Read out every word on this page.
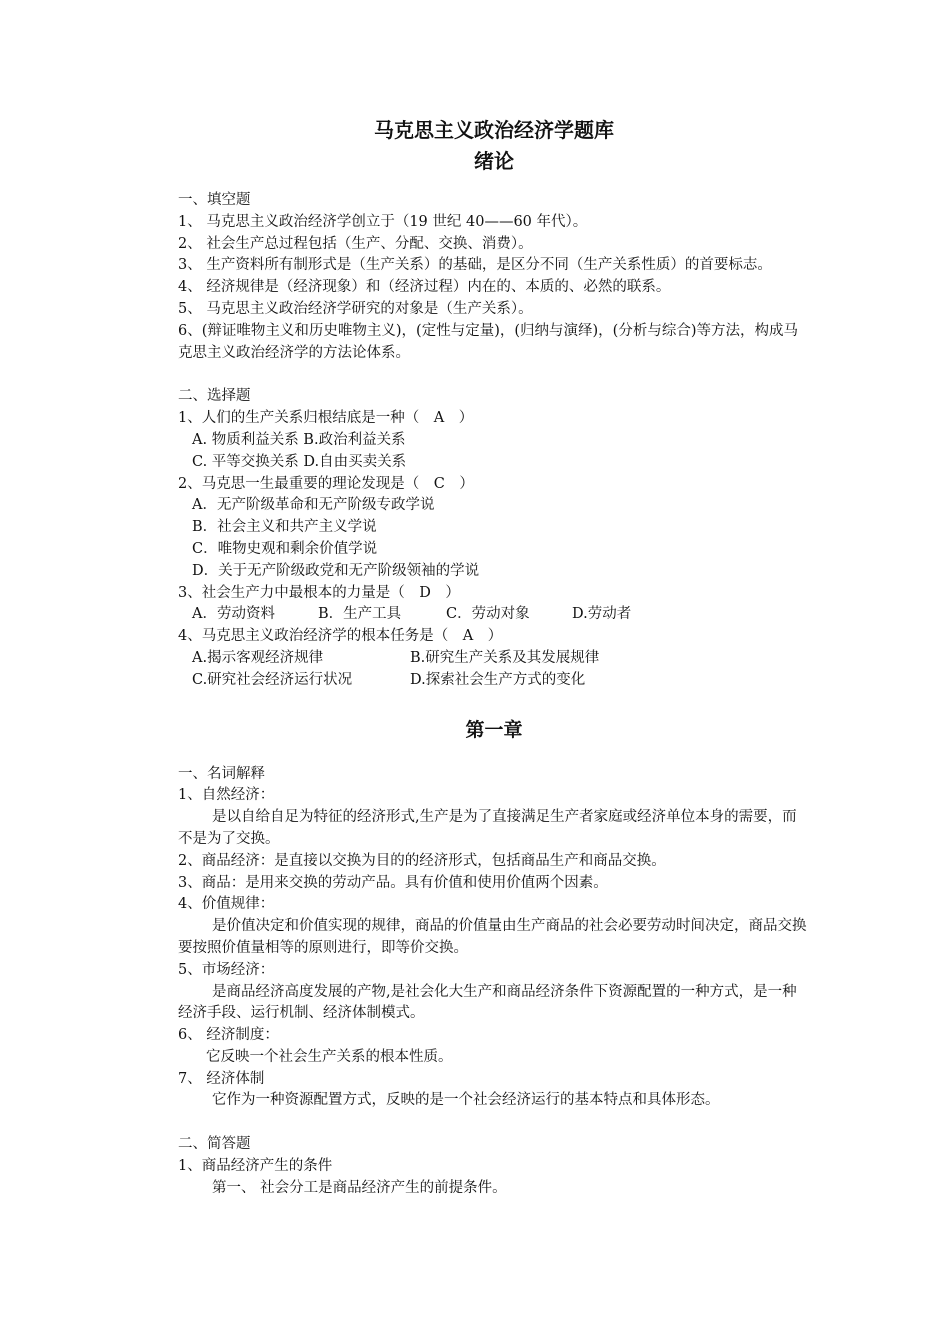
马克思主义政治经济学题库

绪论

一、填空题

1、 马克思主义政治经济学创立于（19 世纪 40——60 年代）。

2、 社会生产总过程包括（生产、分配、交换、消费）。

3、 生产资料所有制形式是（生产关系）的基础，是区分不同（生产关系性质）的首要标志。

4、 经济规律是（经济现象）和（经济过程）内在的、本质的、必然的联系。

5、 马克思主义政治经济学研究的对象是（生产关系）。

6、(辩证唯物主义和历史唯物主义)，(定性与定量)，(归纳与演绎)，(分析与综合)等方法，构成马克思主义政治经济学的方法论体系。

二、选择题

1、人们的生产关系归根结底是一种（　A　）

A. 物质利益关系 B.政治利益关系

C. 平等交换关系 D.自由买卖关系

2、马克思一生最重要的理论发现是（　C　）

A．无产阶级革命和无产阶级专政学说

B．社会主义和共产主义学说

C．唯物史观和剩余价值学说

D．关于无产阶级政党和无产阶级领袖的学说

3、社会生产力中最根本的力量是（　D　）

A．劳动资料	B．生产工具	C．劳动对象	D.劳动者

4、马克思主义政治经济学的根本任务是（　A　）

A.揭示客观经济规律	B.研究生产关系及其发展规律
C.研究社会经济运行状况	D.探索社会生产方式的变化

第一章

一、名词解释

1、自然经济：

是以自给自足为特征的经济形式,生产是为了直接满足生产者家庭或经济单位本身的需要，而不是为了交换。

2、商品经济：是直接以交换为目的的经济形式，包括商品生产和商品交换。

3、商品：是用来交换的劳动产品。具有价值和使用价值两个因素。

4、价值规律：

是价值决定和价值实现的规律，商品的价值量由生产商品的社会必要劳动时间决定，商品交换要按照价值量相等的原则进行，即等价交换。

5、市场经济：

是商品经济高度发展的产物,是社会化大生产和商品经济条件下资源配置的一种方式，是一种经济手段、运行机制、经济体制模式。

6、 经济制度：

它反映一个社会生产关系的根本性质。

7、 经济体制

它作为一种资源配置方式，反映的是一个社会经济运行的基本特点和具体形态。

二、简答题

1、商品经济产生的条件

第一、 社会分工是商品经济产生的前提条件。
